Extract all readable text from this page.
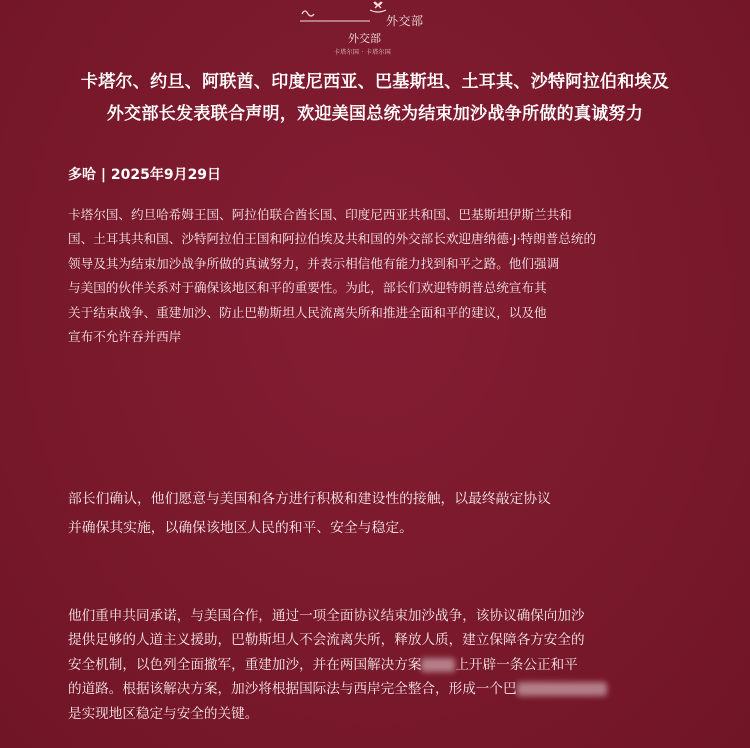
外交部
外交部
卡塔尔国 · 卡塔尔国
卡塔尔、约旦、阿联酋、印度尼西亚、巴基斯坦、土耳其、沙特阿拉伯和埃及
外交部长发表联合声明，欢迎美国总统为结束加沙战争所做的真诚努力
多哈 | 2025年9月29日
卡塔尔国、约旦哈希姆王国、阿拉伯联合酋长国、印度尼西亚共和国、巴基斯坦伊斯兰共和
国、土耳其共和国、沙特阿拉伯王国和阿拉伯埃及共和国的外交部长欢迎唐纳德·J·特朗普总统的
领导及其为结束加沙战争所做的真诚努力，并表示相信他有能力找到和平之路。他们强调
与美国的伙伴关系对于确保该地区和平的重要性。为此，部长们欢迎特朗普总统宣布其
关于结束战争、重建加沙、防止巴勒斯坦人民流离失所和推进全面和平的建议，以及他
宣布不允许吞并西岸
部长们确认，他们愿意与美国和各方进行积极和建设性的接触，以最终敲定协议
并确保其实施，以确保该地区人民的和平、安全与稳定。
他们重申共同承诺，与美国合作，通过一项全面协议结束加沙战争，该协议确保向加沙
提供足够的人道主义援助，巴勒斯坦人不会流离失所，释放人质，建立保障各方安全的
安全机制，以色列全面撤军，重建加沙，并在两国解决方案	上开辟一条公正和平
的道路。根据该解决方案，加沙将根据国际法与西岸完全整合，形成一个巴
是实现地区稳定与安全的关键。
